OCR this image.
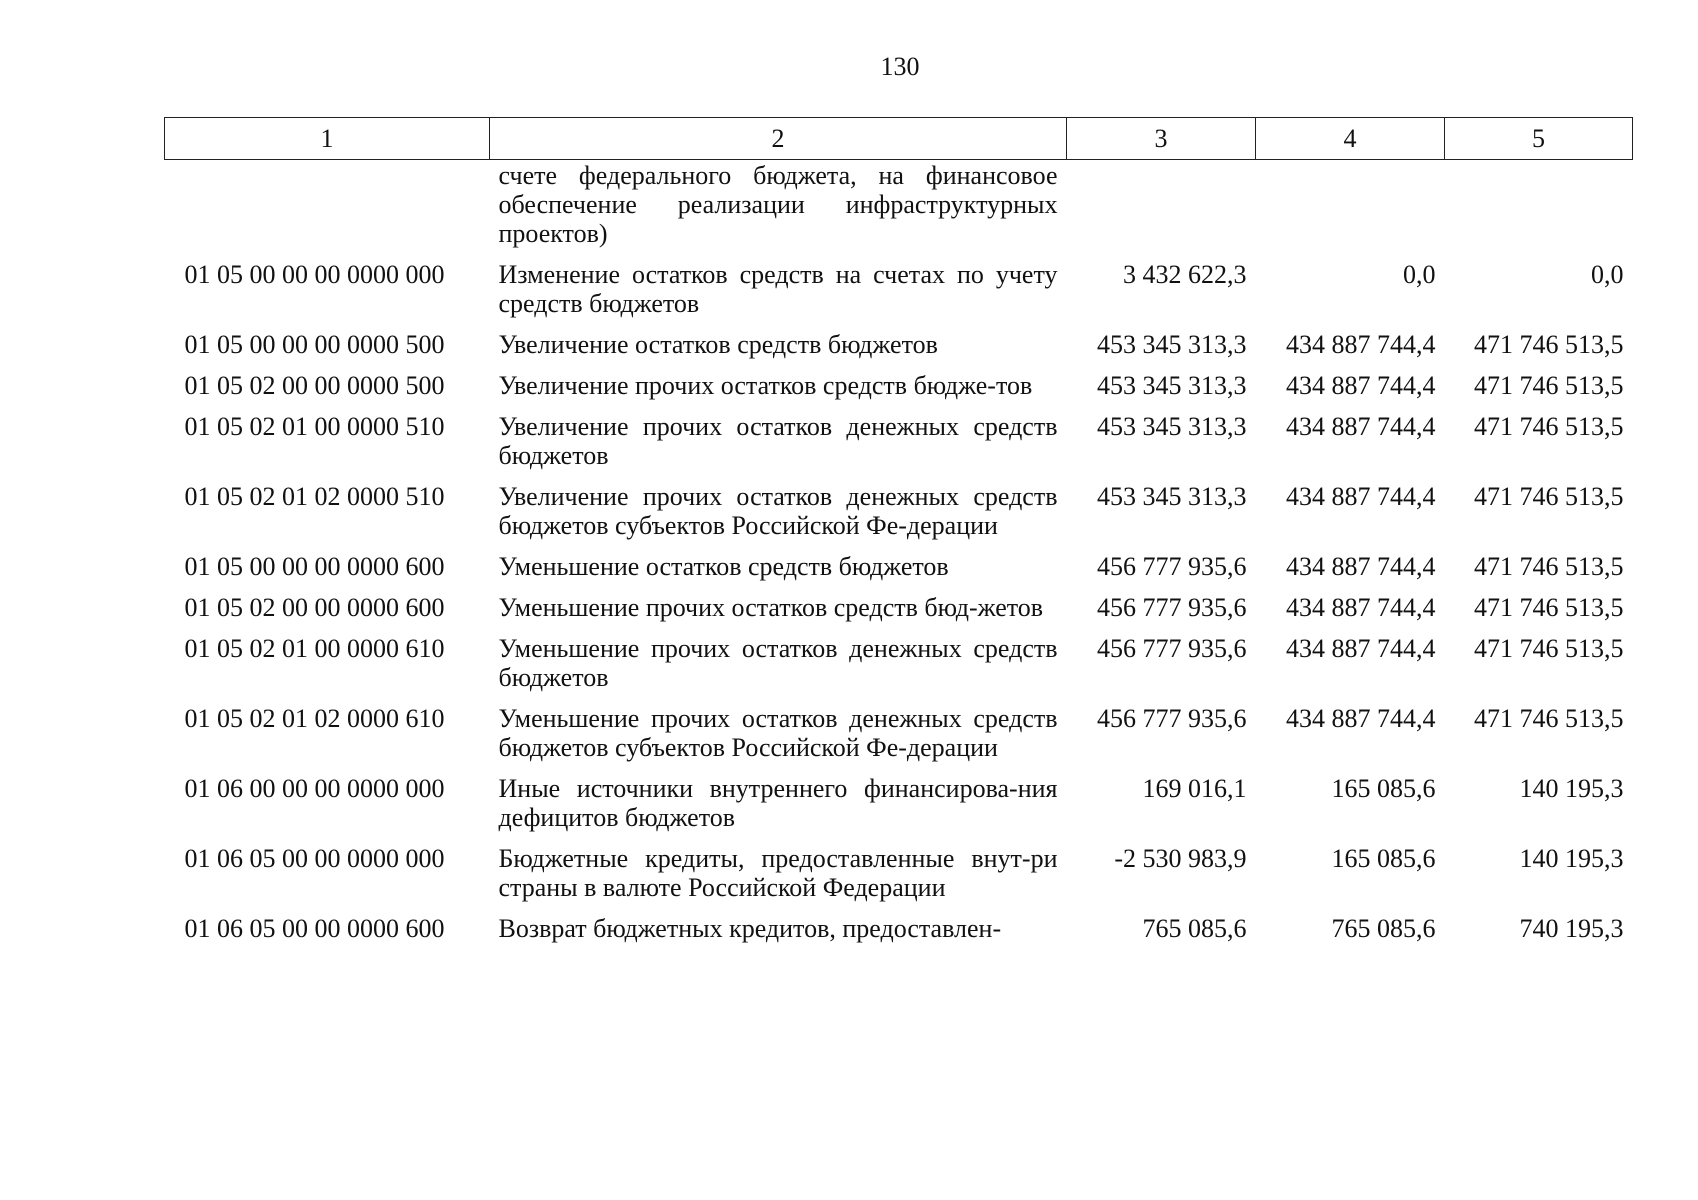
130
1	2	3	4	5
	счете федерального бюджета, на финансовое обеспечение реализации инфраструктурных проектов)			
01 05 00 00 00 0000 000	Изменение остатков средств на счетах по учету средств бюджетов	3 432 622,3	0,0	0,0
01 05 00 00 00 0000 500	Увеличение остатков средств бюджетов	453 345 313,3	434 887 744,4	471 746 513,5
01 05 02 00 00 0000 500	Увеличение прочих остатков средств бюдже-тов	453 345 313,3	434 887 744,4	471 746 513,5
01 05 02 01 00 0000 510	Увеличение прочих остатков денежных средств бюджетов	453 345 313,3	434 887 744,4	471 746 513,5
01 05 02 01 02 0000 510	Увеличение прочих остатков денежных средств бюджетов субъектов Российской Фе-дерации	453 345 313,3	434 887 744,4	471 746 513,5
01 05 00 00 00 0000 600	Уменьшение остатков средств бюджетов	456 777 935,6	434 887 744,4	471 746 513,5
01 05 02 00 00 0000 600	Уменьшение прочих остатков средств бюд-жетов	456 777 935,6	434 887 744,4	471 746 513,5
01 05 02 01 00 0000 610	Уменьшение прочих остатков денежных средств бюджетов	456 777 935,6	434 887 744,4	471 746 513,5
01 05 02 01 02 0000 610	Уменьшение прочих остатков денежных средств бюджетов субъектов Российской Фе-дерации	456 777 935,6	434 887 744,4	471 746 513,5
01 06 00 00 00 0000 000	Иные источники внутреннего финансирова-ния дефицитов бюджетов	169 016,1	165 085,6	140 195,3
01 06 05 00 00 0000 000	Бюджетные кредиты, предоставленные внут-ри страны в валюте Российской Федерации	-2 530 983,9	165 085,6	140 195,3
01 06 05 00 00 0000 600	Возврат бюджетных кредитов, предоставлен-	765 085,6	765 085,6	740 195,3
